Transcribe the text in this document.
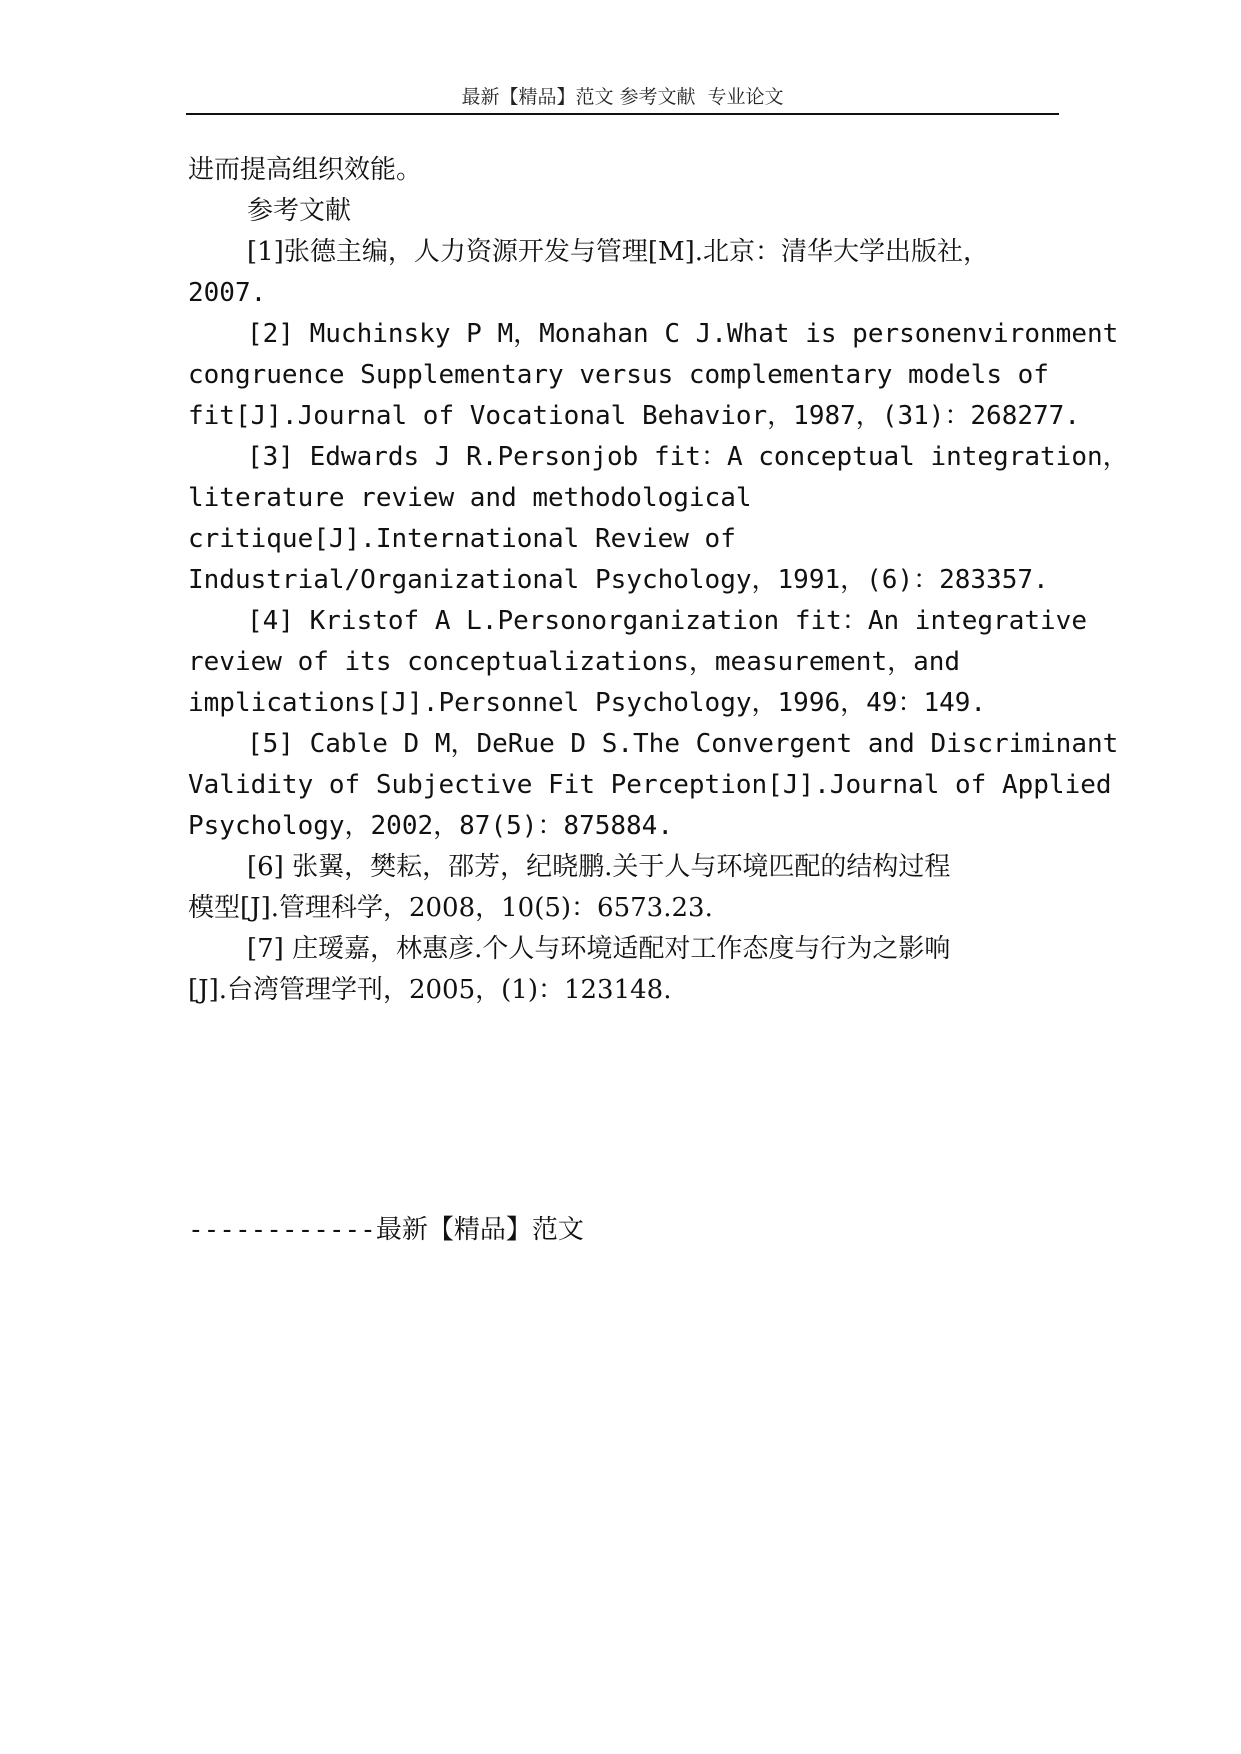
最新【精品】范文 参考文献  专业论文
进而提高组织效能。
参考文献
[1]张德主编，人力资源开发与管理[M].北京：清华大学出版社，
2007.
[2] Muchinsky P M，Monahan C J.What is personenvironment
congruence Supplementary versus complementary models of
fit[J].Journal of Vocational Behavior，1987，(31)：268277.
[3] Edwards J R.Personjob fit：A conceptual integration，
literature review and methodological
critique[J].International Review of
Industrial/Organizational Psychology，1991，(6)：283357.
[4] Kristof A L.Personorganization fit：An integrative
review of its conceptualizations，measurement，and
implications[J].Personnel Psychology，1996，49：149.
[5] Cable D M，DeRue D S.The Convergent and Discriminant
Validity of Subjective Fit Perception[J].Journal of Applied
Psychology，2002，87(5)：875884.
[6] 张翼，樊耘，邵芳，纪晓鹏.关于人与环境匹配的结构过程
模型[J].管理科学，2008，10(5)：6573.23.
[7] 庄瑷嘉，林惠彦.个人与环境适配对工作态度与行为之影响
[J].台湾管理学刊，2005，(1)：123148.
------------最新【精品】范文
